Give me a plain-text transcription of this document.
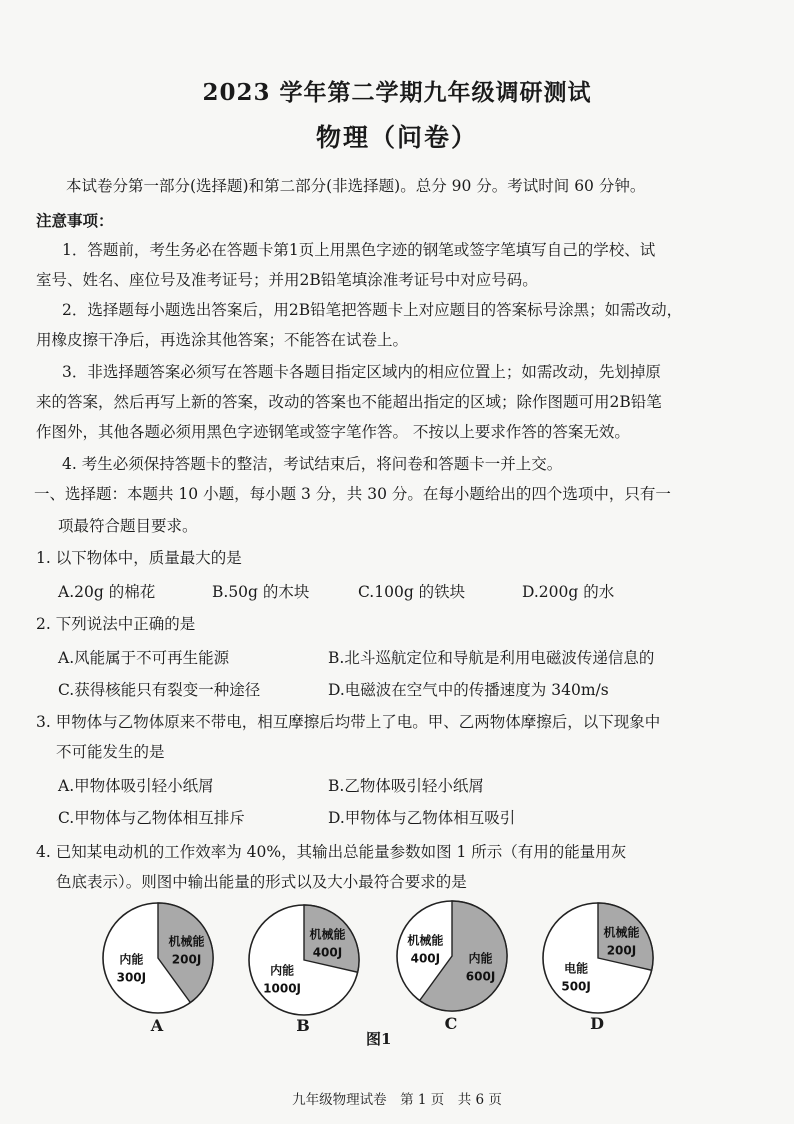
2023 学年第二学期九年级调研测试
物理（问卷）
本试卷分第一部分(选择题)和第二部分(非选择题)。总分 90 分。考试时间 60 分钟。
注意事项：
1．答题前，考生务必在答题卡第1页上用黑色字迹的钢笔或签字笔填写自己的学校、试
室号、姓名、座位号及准考证号；并用2B铅笔填涂准考证号中对应号码。
2．选择题每小题选出答案后，用2B铅笔把答题卡上对应题目的答案标号涂黑；如需改动，
用橡皮擦干净后，再选涂其他答案；不能答在试卷上。
3．非选择题答案必须写在答题卡各题目指定区域内的相应位置上；如需改动，先划掉原
来的答案，然后再写上新的答案，改动的答案也不能超出指定的区域；除作图题可用2B铅笔
作图外，其他各题必须用黑色字迹钢笔或签字笔作答。 不按以上要求作答的答案无效。
4. 考生必须保持答题卡的整洁，考试结束后，将问卷和答题卡一并上交。
一、选择题：本题共 10 小题，每小题 3 分，共 30 分。在每小题给出的四个选项中，只有一
项最符合题目要求。
1. 以下物体中，质量最大的是
A.20g 的棉花	B.50g 的木块	C.100g 的铁块	D.200g 的水
2. 下列说法中正确的是
A.风能属于不可再生能源	B.北斗巡航定位和导航是利用电磁波传递信息的
C.获得核能只有裂变一种途径	D.电磁波在空气中的传播速度为 340m/s
3. 甲物体与乙物体原来不带电，相互摩擦后均带上了电。甲、乙两物体摩擦后，以下现象中
不可能发生的是
A.甲物体吸引轻小纸屑	B.乙物体吸引轻小纸屑
C.甲物体与乙物体相互排斥	D.甲物体与乙物体相互吸引
4. 已知某电动机的工作效率为 40%，其输出总能量参数如图 1 所示（有用的能量用灰
色底表示）。则图中输出能量的形式以及大小最符合要求的是
机械能
200J
内能
300J
机械能
400J
内能
1000J
内能
600J
机械能
400J
机械能
200J
电能
500J
A	B	C	D
图1
九年级物理试卷　第 1 页　共 6 页
